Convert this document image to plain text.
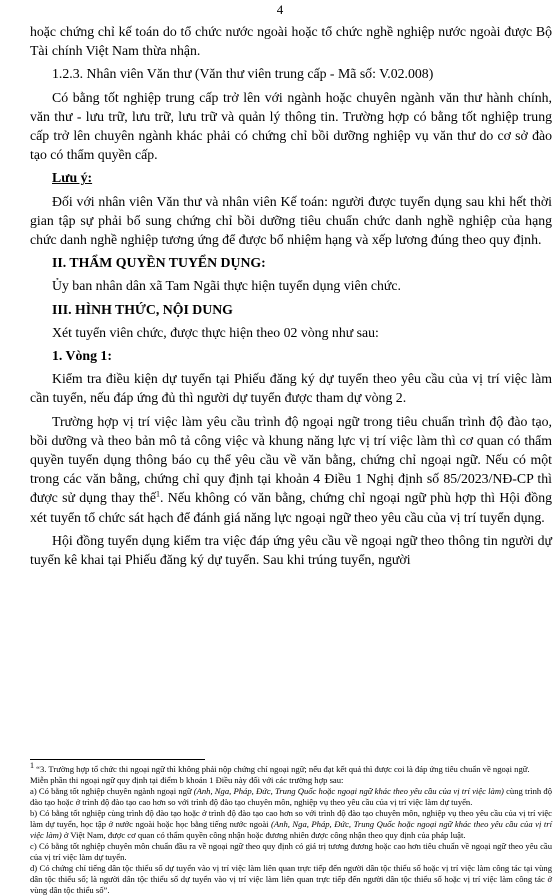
4

hoặc chứng chỉ kế toán do tổ chức nước ngoài hoặc tổ chức nghề nghiệp nước ngoài được Bộ Tài chính Việt Nam thừa nhận.

1.2.3. Nhân viên Văn thư (Văn thư viên trung cấp - Mã số: V.02.008)

Có bằng tốt nghiệp trung cấp trở lên với ngành hoặc chuyên ngành văn thư hành chính, văn thư - lưu trữ, lưu trữ, lưu trữ và quản lý thông tin. Trường hợp có bằng tốt nghiệp trung cấp trở lên chuyên ngành khác phải có chứng chỉ bồi dưỡng nghiệp vụ văn thư do cơ sở đào tạo có thẩm quyền cấp.

Lưu ý:

Đối với nhân viên Văn thư và nhân viên Kế toán: người được tuyển dụng sau khi hết thời gian tập sự phải bổ sung chứng chỉ bồi dưỡng tiêu chuẩn chức danh nghề nghiệp của hạng chức danh nghề nghiệp tương ứng để được bổ nhiệm hạng và xếp lương đúng theo quy định.

II. THẨM QUYỀN TUYỂN DỤNG:

Ủy ban nhân dân xã Tam Ngãi thực hiện tuyển dụng viên chức.

III. HÌNH THỨC, NỘI DUNG

Xét tuyển viên chức, được thực hiện theo 02 vòng như sau:

1. Vòng 1:

Kiểm tra điều kiện dự tuyển tại Phiếu đăng ký dự tuyển theo yêu cầu của vị trí việc làm cần tuyển, nếu đáp ứng đủ thì người dự tuyển được tham dự vòng 2.

Trường hợp vị trí việc làm yêu cầu trình độ ngoại ngữ trong tiêu chuẩn trình độ đào tạo, bồi dưỡng và theo bản mô tả công việc và khung năng lực vị trí việc làm thì cơ quan có thẩm quyền tuyển dụng thông báo cụ thể yêu cầu về văn bằng, chứng chỉ ngoại ngữ. Nếu có một trong các văn bằng, chứng chỉ quy định tại khoản 4 Điều 1 Nghị định số 85/2023/NĐ-CP thì được sử dụng thay thế$^1$. Nếu không có văn bằng, chứng chỉ ngoại ngữ phù hợp thì Hội đồng xét tuyển tổ chức sát hạch để đánh giá năng lực ngoại ngữ theo yêu cầu của vị trí tuyển dụng.

Hội đồng tuyển dụng kiểm tra việc đáp ứng yêu cầu về ngoại ngữ theo thông tin người dự tuyển kê khai tại Phiếu đăng ký dự tuyển. Sau khi trúng tuyển, người

$^1$ “3. Trường hợp tổ chức thi ngoại ngữ thì không phải nộp chứng chỉ ngoại ngữ; nếu đạt kết quả thì được coi là đáp ứng tiêu chuẩn về ngoại ngữ.

Miễn phần thi ngoại ngữ quy định tại điểm b khoản 1 Điều này đối với các trường hợp sau:

a) Có bằng tốt nghiệp chuyên ngành ngoại ngữ (Anh, Nga, Pháp, Đức, Trung Quốc hoặc ngoại ngữ khác theo yêu cầu của vị trí việc làm) cùng trình độ đào tạo hoặc ở trình độ đào tạo cao hơn so với trình độ đào tạo chuyên môn, nghiệp vụ theo yêu cầu của vị trí việc làm dự tuyển.

b) Có bằng tốt nghiệp cùng trình độ đào tạo hoặc ở trình độ đào tạo cao hơn so với trình độ đào tạo chuyên môn, nghiệp vụ theo yêu cầu của vị trí việc làm dự tuyển, học tập ở nước ngoài hoặc học bằng tiếng nước ngoài (Anh, Nga, Pháp, Đức, Trung Quốc hoặc ngoại ngữ khác theo yêu cầu của vị trí việc làm) ở Việt Nam, được cơ quan có thẩm quyền công nhận hoặc đương nhiên được công nhận theo quy định của pháp luật.

c) Có bằng tốt nghiệp chuyên môn chuẩn đầu ra về ngoại ngữ theo quy định có giá trị tương đương hoặc cao hơn tiêu chuẩn về ngoại ngữ theo yêu cầu của vị trí việc làm dự tuyển.

d) Có chứng chỉ tiếng dân tộc thiểu số dự tuyển vào vị trí việc làm liên quan trực tiếp đến người dân tộc thiểu số hoặc vị trí việc làm công tác tại vùng dân tộc thiểu số; là người dân tộc thiểu số dự tuyển vào vị trí việc làm liên quan trực tiếp đến người dân tộc thiểu số hoặc vị trí việc làm công tác ở vùng dân tộc thiểu số”.
